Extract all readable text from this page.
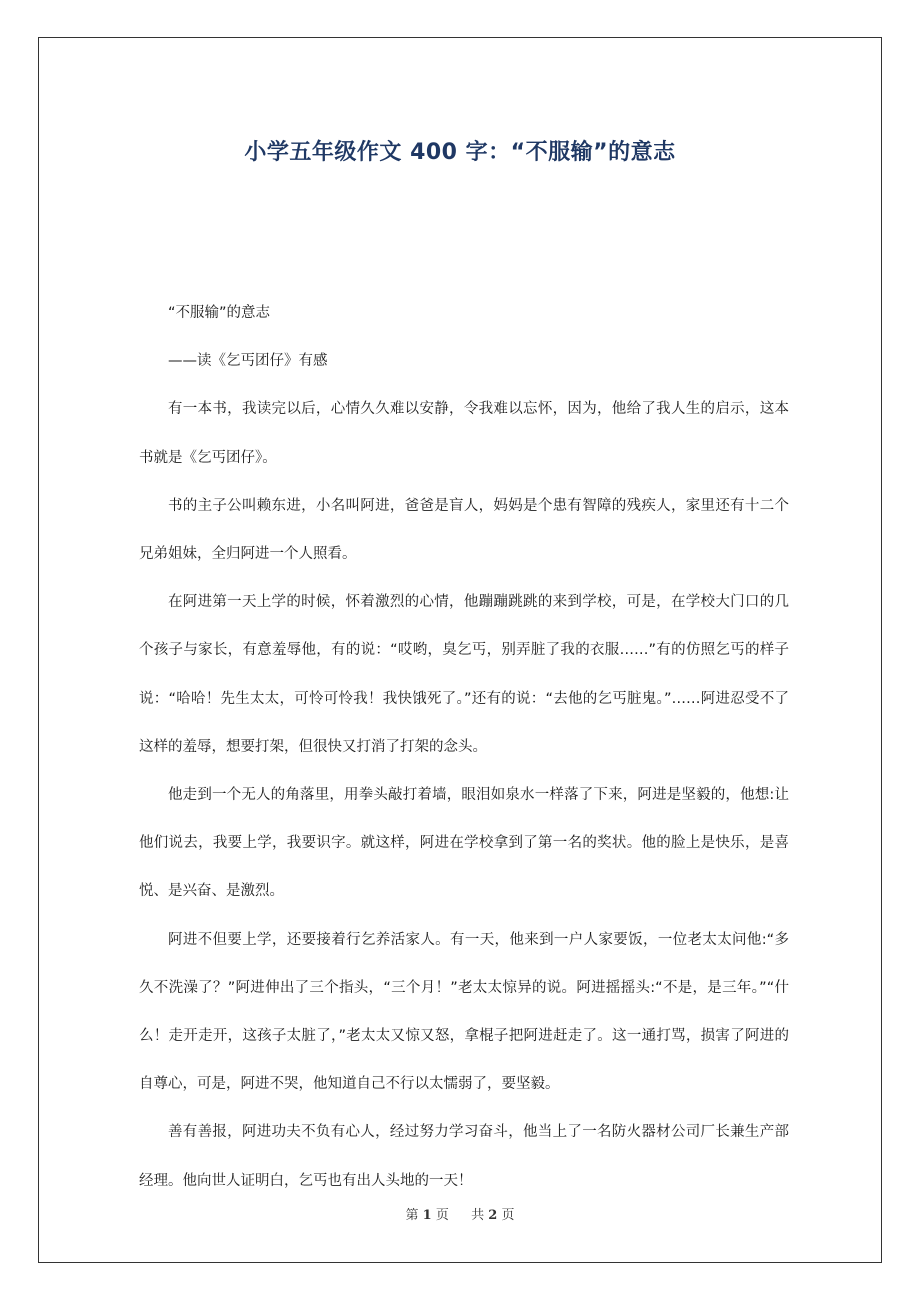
小学五年级作文 400 字：“不服输”的意志

“不服输”的意志

——读《乞丐团仔》有感

有一本书，我读完以后，心情久久难以安静，令我难以忘怀，因为，他给了我人生的启示，这本书就是《乞丐团仔》。

书的主子公叫赖东进，小名叫阿进，爸爸是盲人，妈妈是个患有智障的残疾人，家里还有十二个兄弟姐妹，全归阿进一个人照看。

在阿进第一天上学的时候，怀着激烈的心情，他蹦蹦跳跳的来到学校，可是，在学校大门口的几个孩子与家长，有意羞辱他，有的说：“哎哟，臭乞丐，别弄脏了我的衣服……”有的仿照乞丐的样子说：“哈哈！先生太太，可怜可怜我！我快饿死了。”还有的说：“去他的乞丐脏鬼。”……阿进忍受不了这样的羞辱，想要打架，但很快又打消了打架的念头。

他走到一个无人的角落里，用拳头敲打着墙，眼泪如泉水一样落了下来，阿进是坚毅的，他想:让他们说去，我要上学，我要识字。就这样，阿进在学校拿到了第一名的奖状。他的脸上是快乐，是喜悦、是兴奋、是激烈。

阿进不但要上学，还要接着行乞养活家人。有一天，他来到一户人家要饭，一位老太太问他:“多久不洗澡了？”阿进伸出了三个指头，“三个月！”老太太惊异的说。阿进摇摇头:“不是，是三年。”“什么！走开走开，这孩子太脏了，”老太太又惊又怒，拿棍子把阿进赶走了。这一通打骂，损害了阿进的自尊心，可是，阿进不哭，他知道自己不行以太懦弱了，要坚毅。

善有善报，阿进功夫不负有心人，经过努力学习奋斗，他当上了一名防火器材公司厂长兼生产部经理。他向世人证明白，乞丐也有出人头地的一天！

第 1 页 共 2 页
